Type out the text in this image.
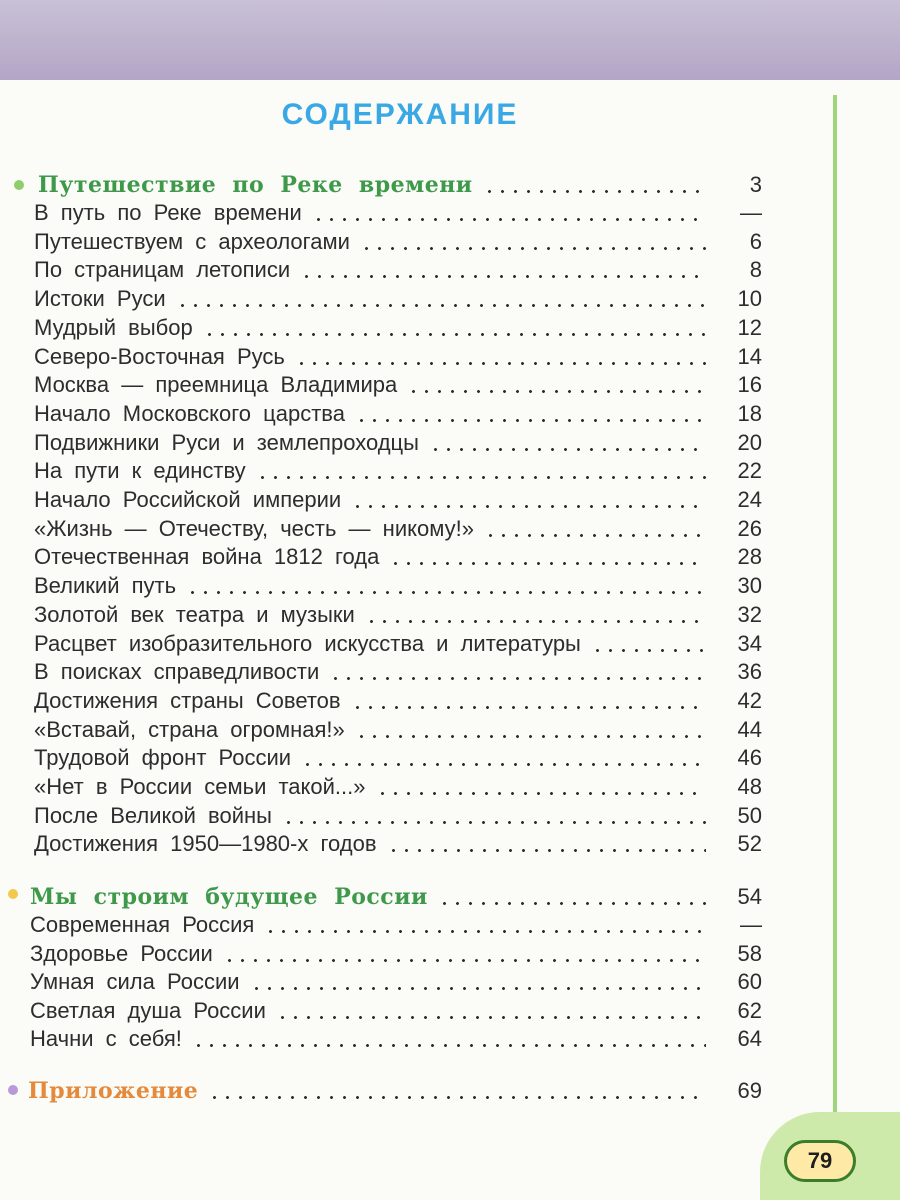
79
СОДЕРЖАНИЕ
Путешествие по Реке времени	3
В путь по Реке времени	—
Путешествуем с археологами	6
По страницам летописи	8
Истоки Руси	10
Мудрый выбор	12
Северо-Восточная Русь	14
Москва — преемница Владимира	16
Начало Московского царства	18
Подвижники Руси и землепроходцы	20
На пути к единству	22
Начало Российской империи	24
«Жизнь — Отечеству, честь — никому!»	26
Отечественная война 1812 года	28
Великий путь	30
Золотой век театра и музыки	32
Расцвет изобразительного искусства и литературы	34
В поисках справедливости	36
Достижения страны Советов	42
«Вставай, страна огромная!»	44
Трудовой фронт России	46
«Нет в России семьи такой...»	48
После Великой войны	50
Достижения 1950—1980-х годов	52
Мы строим будущее России	54
Современная Россия	—
Здоровье России	58
Умная сила России	60
Светлая душа России	62
Начни с себя!	64
Приложение	69
